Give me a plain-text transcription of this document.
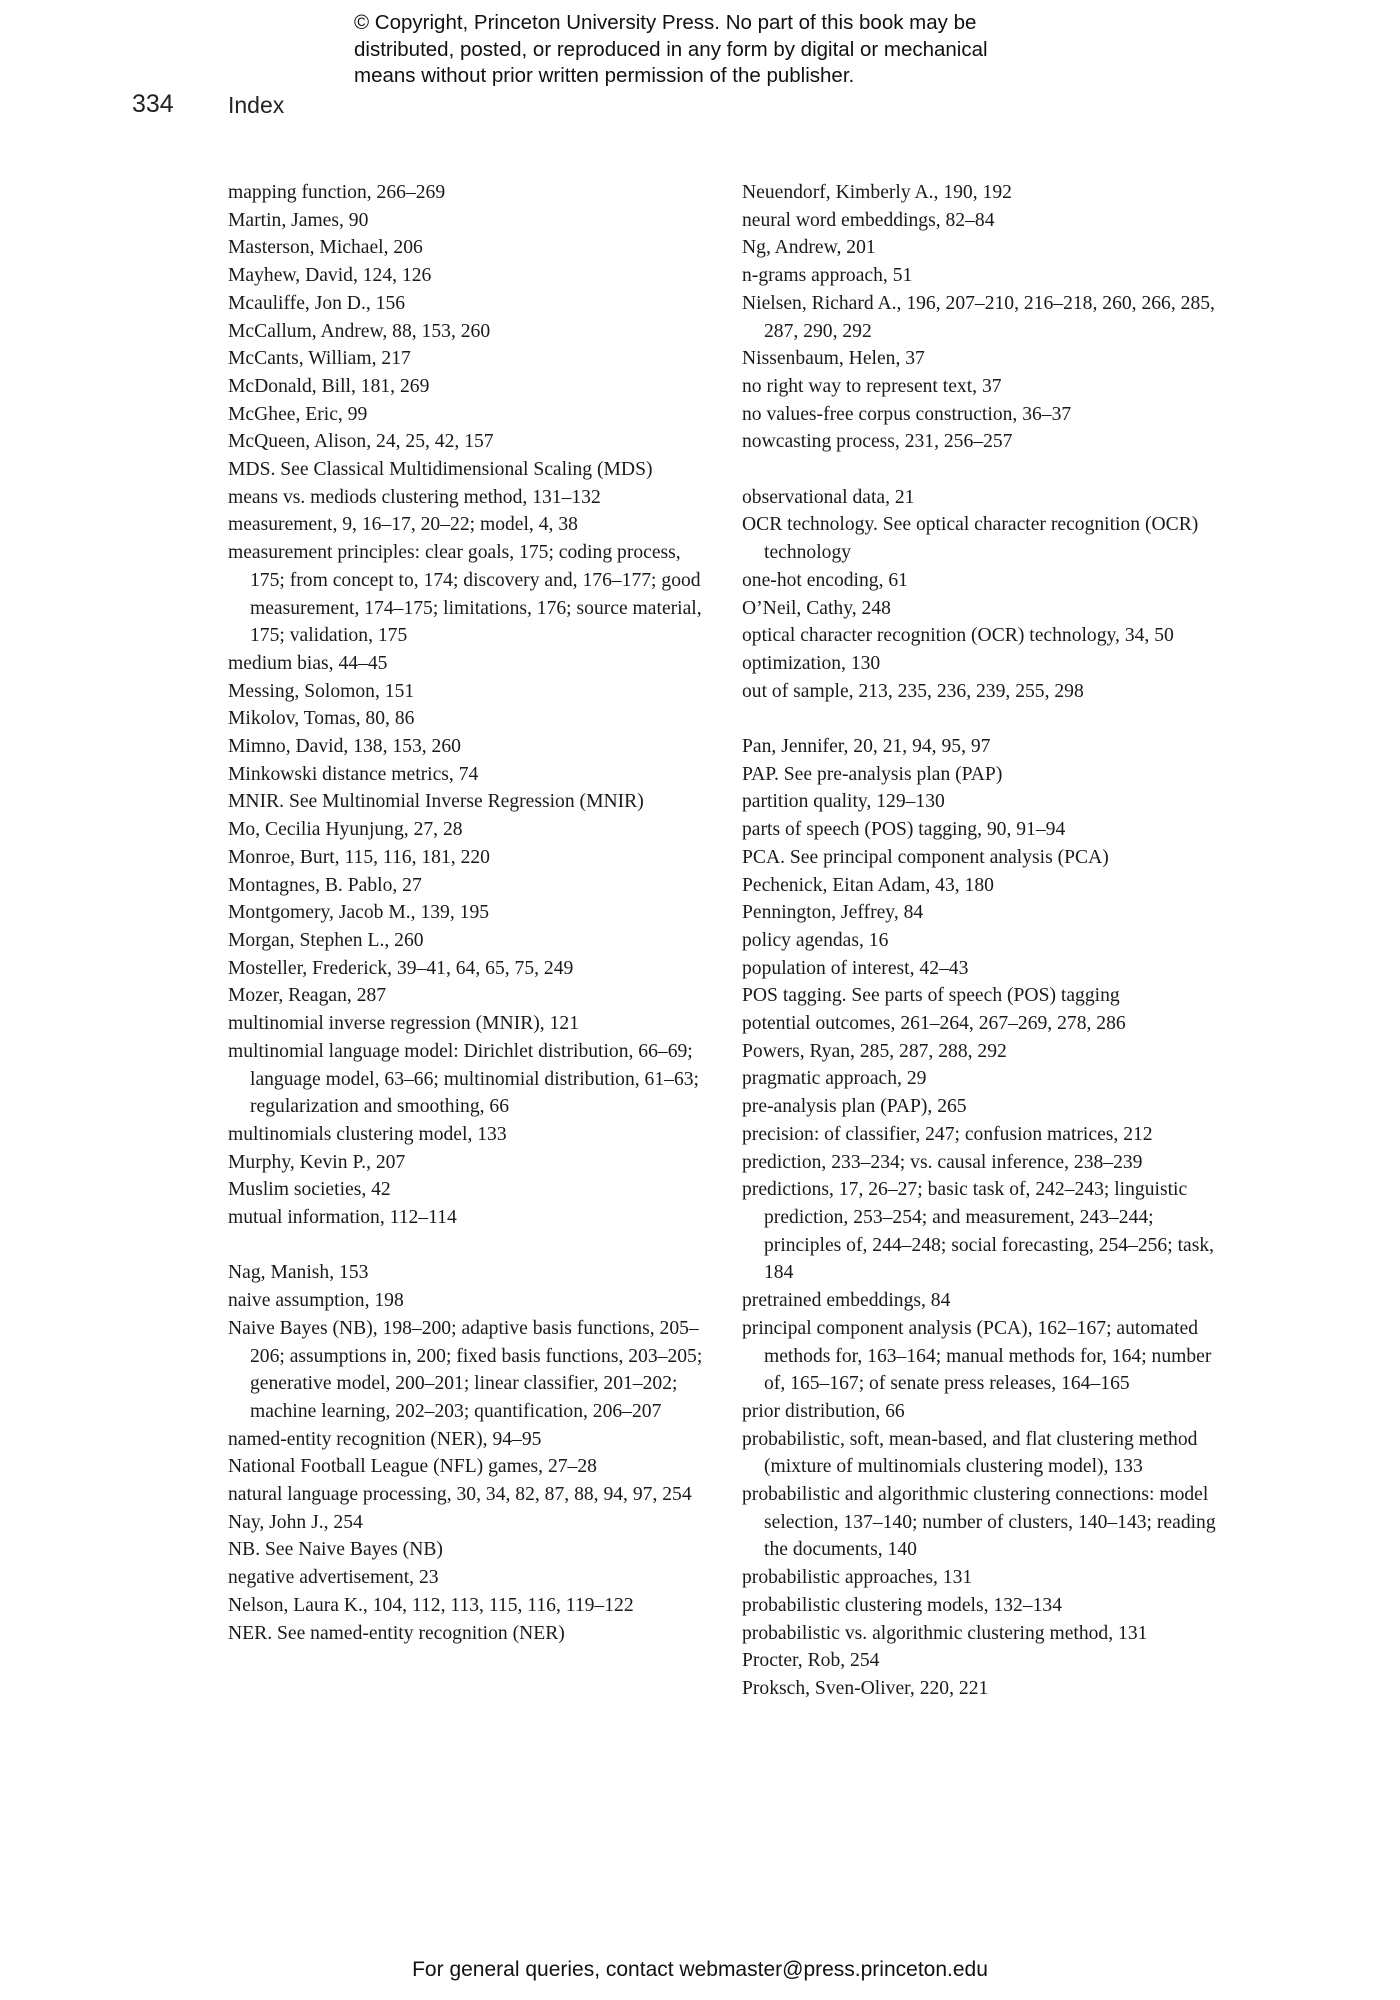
© Copyright, Princeton University Press. No part of this book may be
distributed, posted, or reproduced in any form by digital or mechanical
means without prior written permission of the publisher.
334 Index
mapping function, 266–269
Martin, James, 90
Masterson, Michael, 206
Mayhew, David, 124, 126
Mcauliffe, Jon D., 156
McCallum, Andrew, 88, 153, 260
McCants, William, 217
McDonald, Bill, 181, 269
McGhee, Eric, 99
McQueen, Alison, 24, 25, 42, 157
MDS. See Classical Multidimensional Scaling (MDS)
means vs. mediods clustering method, 131–132
measurement, 9, 16–17, 20–22; model, 4, 38
measurement principles: clear goals, 175; coding process, 175; from concept to, 174; discovery and, 176–177; good measurement, 174–175; limitations, 176; source material, 175; validation, 175
medium bias, 44–45
Messing, Solomon, 151
Mikolov, Tomas, 80, 86
Mimno, David, 138, 153, 260
Minkowski distance metrics, 74
MNIR. See Multinomial Inverse Regression (MNIR)
Mo, Cecilia Hyunjung, 27, 28
Monroe, Burt, 115, 116, 181, 220
Montagnes, B. Pablo, 27
Montgomery, Jacob M., 139, 195
Morgan, Stephen L., 260
Mosteller, Frederick, 39–41, 64, 65, 75, 249
Mozer, Reagan, 287
multinomial inverse regression (MNIR), 121
multinomial language model: Dirichlet distribution, 66–69; language model, 63–66; multinomial distribution, 61–63; regularization and smoothing, 66
multinomials clustering model, 133
Murphy, Kevin P., 207
Muslim societies, 42
mutual information, 112–114
Nag, Manish, 153
naive assumption, 198
Naive Bayes (NB), 198–200; adaptive basis functions, 205–206; assumptions in, 200; fixed basis functions, 203–205; generative model, 200–201; linear classifier, 201–202; machine learning, 202–203; quantification, 206–207
named-entity recognition (NER), 94–95
National Football League (NFL) games, 27–28
natural language processing, 30, 34, 82, 87, 88, 94, 97, 254
Nay, John J., 254
NB. See Naive Bayes (NB)
negative advertisement, 23
Nelson, Laura K., 104, 112, 113, 115, 116, 119–122
NER. See named-entity recognition (NER)
Neuendorf, Kimberly A., 190, 192
neural word embeddings, 82–84
Ng, Andrew, 201
n-grams approach, 51
Nielsen, Richard A., 196, 207–210, 216–218, 260, 266, 285, 287, 290, 292
Nissenbaum, Helen, 37
no right way to represent text, 37
no values-free corpus construction, 36–37
nowcasting process, 231, 256–257
observational data, 21
OCR technology. See optical character recognition (OCR) technology
one-hot encoding, 61
O’Neil, Cathy, 248
optical character recognition (OCR) technology, 34, 50
optimization, 130
out of sample, 213, 235, 236, 239, 255, 298
Pan, Jennifer, 20, 21, 94, 95, 97
PAP. See pre-analysis plan (PAP)
partition quality, 129–130
parts of speech (POS) tagging, 90, 91–94
PCA. See principal component analysis (PCA)
Pechenick, Eitan Adam, 43, 180
Pennington, Jeffrey, 84
policy agendas, 16
population of interest, 42–43
POS tagging. See parts of speech (POS) tagging
potential outcomes, 261–264, 267–269, 278, 286
Powers, Ryan, 285, 287, 288, 292
pragmatic approach, 29
pre-analysis plan (PAP), 265
precision: of classifier, 247; confusion matrices, 212
prediction, 233–234; vs. causal inference, 238–239
predictions, 17, 26–27; basic task of, 242–243; linguistic prediction, 253–254; and measurement, 243–244; principles of, 244–248; social forecasting, 254–256; task, 184
pretrained embeddings, 84
principal component analysis (PCA), 162–167; automated methods for, 163–164; manual methods for, 164; number of, 165–167; of senate press releases, 164–165
prior distribution, 66
probabilistic, soft, mean-based, and flat clustering method (mixture of multinomials clustering model), 133
probabilistic and algorithmic clustering connections: model selection, 137–140; number of clusters, 140–143; reading the documents, 140
probabilistic approaches, 131
probabilistic clustering models, 132–134
probabilistic vs. algorithmic clustering method, 131
Procter, Rob, 254
Proksch, Sven-Oliver, 220, 221
For general queries, contact webmaster@press.princeton.edu
